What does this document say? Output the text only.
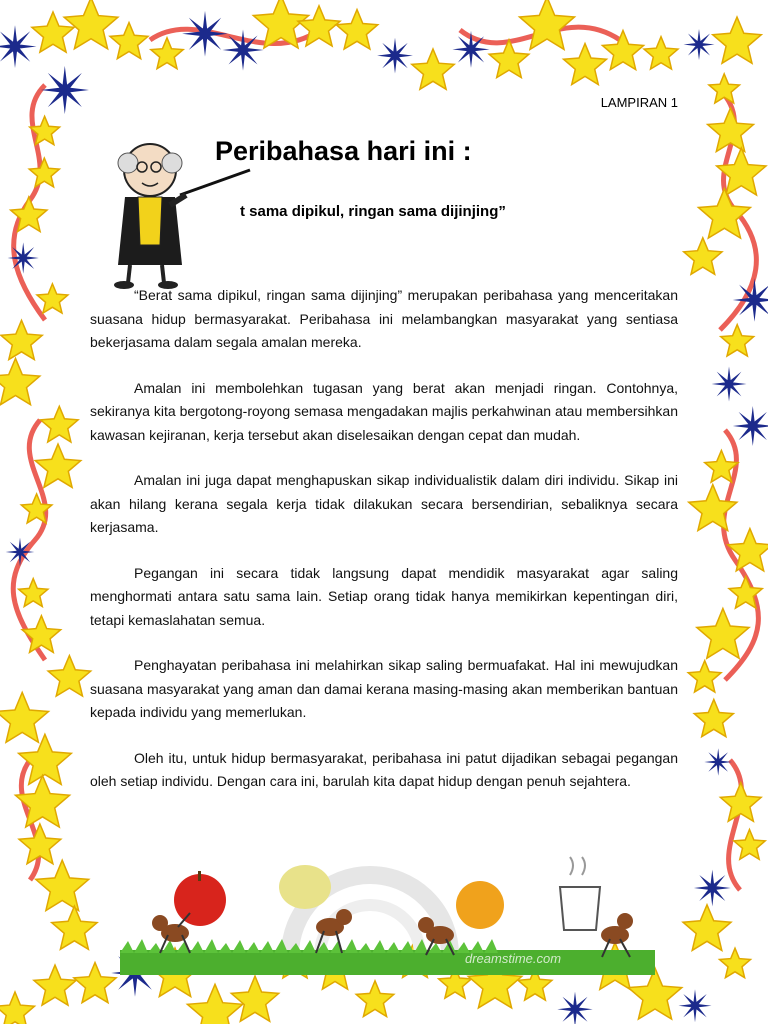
LAMPIRAN 1
Peribahasa hari ini :
t sama dipikul, ringan sama dijinjing”

“Berat sama dipikul, ringan sama dijinjing” merupakan peribahasa yang menceritakan suasana hidup bermasyarakat. Peribahasa ini melambangkan masyarakat yang sentiasa bekerjasama dalam segala amalan mereka.

Amalan ini membolehkan tugasan yang berat akan menjadi ringan. Contohnya, sekiranya kita bergotong-royong semasa mengadakan majlis perkahwinan atau membersihkan kawasan kejiranan, kerja tersebut akan diselesaikan dengan cepat dan mudah.

Amalan ini juga dapat menghapuskan sikap individualistik dalam diri individu. Sikap ini akan hilang kerana segala kerja tidak dilakukan secara bersendirian, sebaliknya secara kerjasama.

Pegangan ini secara tidak langsung dapat mendidik masyarakat agar saling menghormati antara satu sama lain. Setiap orang tidak hanya memikirkan kepentingan diri, tetapi kemaslahatan semua.

Penghayatan peribahasa ini melahirkan sikap saling bermuafakat. Hal ini mewujudkan suasana masyarakat yang aman dan damai kerana masing-masing akan memberikan bantuan kepada individu yang memerlukan.

Oleh itu, untuk hidup bermasyarakat, peribahasa ini patut dijadikan sebagai pegangan oleh setiap individu. Dengan cara ini, barulah kita dapat hidup dengan penuh sejahtera.

dreamstime.com
